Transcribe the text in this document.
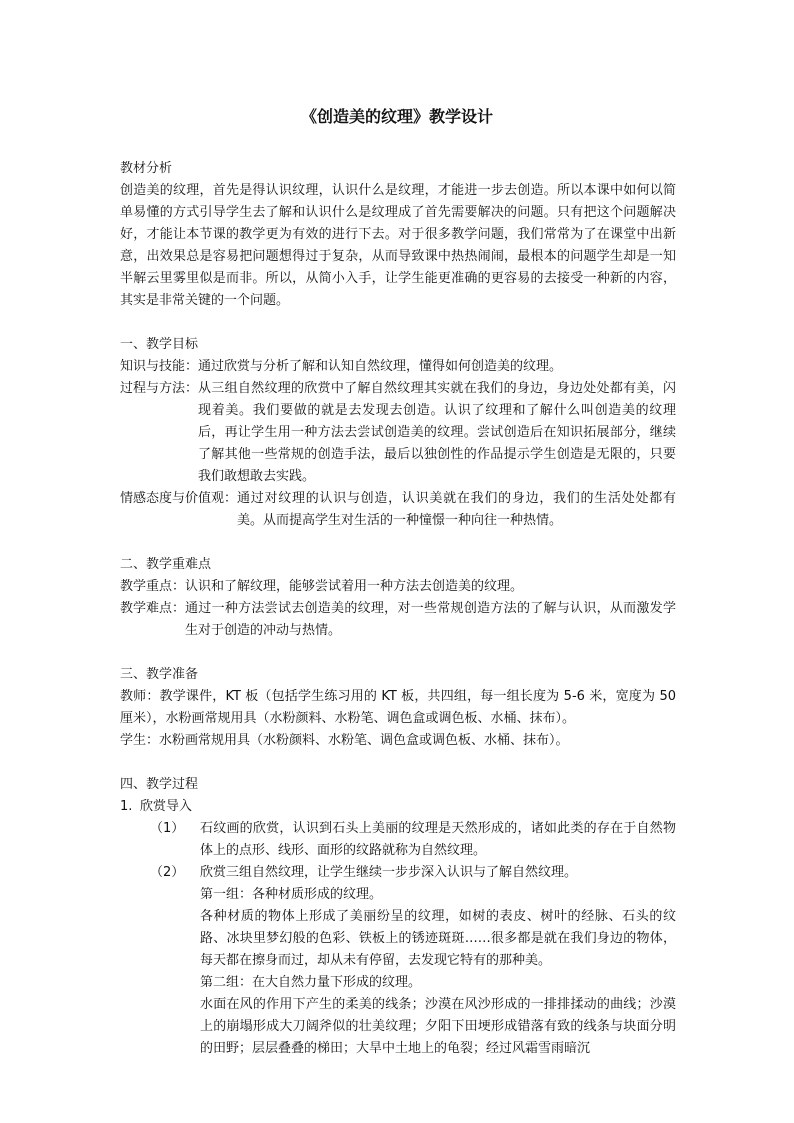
《创造美的纹理》教学设计

教材分析

创造美的纹理，首先是得认识纹理，认识什么是纹理，才能进一步去创造。所以本课中如何以简单易懂的方式引导学生去了解和认识什么是纹理成了首先需要解决的问题。只有把这个问题解决好，才能让本节课的教学更为有效的进行下去。对于很多教学问题，我们常常为了在课堂中出新意，出效果总是容易把问题想得过于复杂，从而导致课中热热闹闹，最根本的问题学生却是一知半解云里雾里似是而非。所以，从简小入手，让学生能更准确的更容易的去接受一种新的内容，其实是非常关键的一个问题。

一、教学目标

知识与技能： 通过欣赏与分析了解和认知自然纹理，懂得如何创造美的纹理。
过程与方法： 从三组自然纹理的欣赏中了解自然纹理其实就在我们的身边，身边处处都有美，闪现着美。我们要做的就是去发现去创造。认识了纹理和了解什么叫创造美的纹理后，再让学生用一种方法去尝试创造美的纹理。尝试创造后在知识拓展部分，继续了解其他一些常规的创造手法，最后以独创性的作品提示学生创造是无限的，只要我们敢想敢去实践。
情感态度与价值观： 通过对纹理的认识与创造，认识美就在我们的身边，我们的生活处处都有美。从而提高学生对生活的一种憧憬一种向往一种热情。

二、教学重难点

教学重点： 认识和了解纹理，能够尝试着用一种方法去创造美的纹理。
教学难点： 通过一种方法尝试去创造美的纹理，对一些常规创造方法的了解与认识，从而激发学生对于创造的冲动与热情。

三、教学准备

教师：教学课件，KT 板（包括学生练习用的 KT 板，共四组，每一组长度为 5-6 米，宽度为 50 厘米），水粉画常规用具（水粉颜料、水粉笔、调色盒或调色板、水桶、抹布）。

学生：水粉画常规用具（水粉颜料、水粉笔、调色盒或调色板、水桶、抹布）。

四、教学过程

1. 欣赏导入
（1）	石纹画的欣赏，认识到石头上美丽的纹理是天然形成的，诸如此类的存在于自然物体上的点形、线形、面形的纹路就称为自然纹理。
（2）	欣赏三组自然纹理，让学生继续一步步深入认识与了解自然纹理。

第一组：各种材质形成的纹理。

各种材质的物体上形成了美丽纷呈的纹理，如树的表皮、树叶的经脉、石头的纹路、冰块里梦幻般的色彩、铁板上的锈迹斑斑……很多都是就在我们身边的物体，每天都在擦身而过，却从未有停留，去发现它特有的那种美。

第二组：在大自然力量下形成的纹理。

水面在风的作用下产生的柔美的线条；沙漠在风沙形成的一排排揉动的曲线；沙漠上的崩塌形成大刀阔斧似的壮美纹理；夕阳下田埂形成错落有致的线条与块面分明的田野；层层叠叠的梯田；大旱中土地上的龟裂；经过风霜雪雨暗沉
